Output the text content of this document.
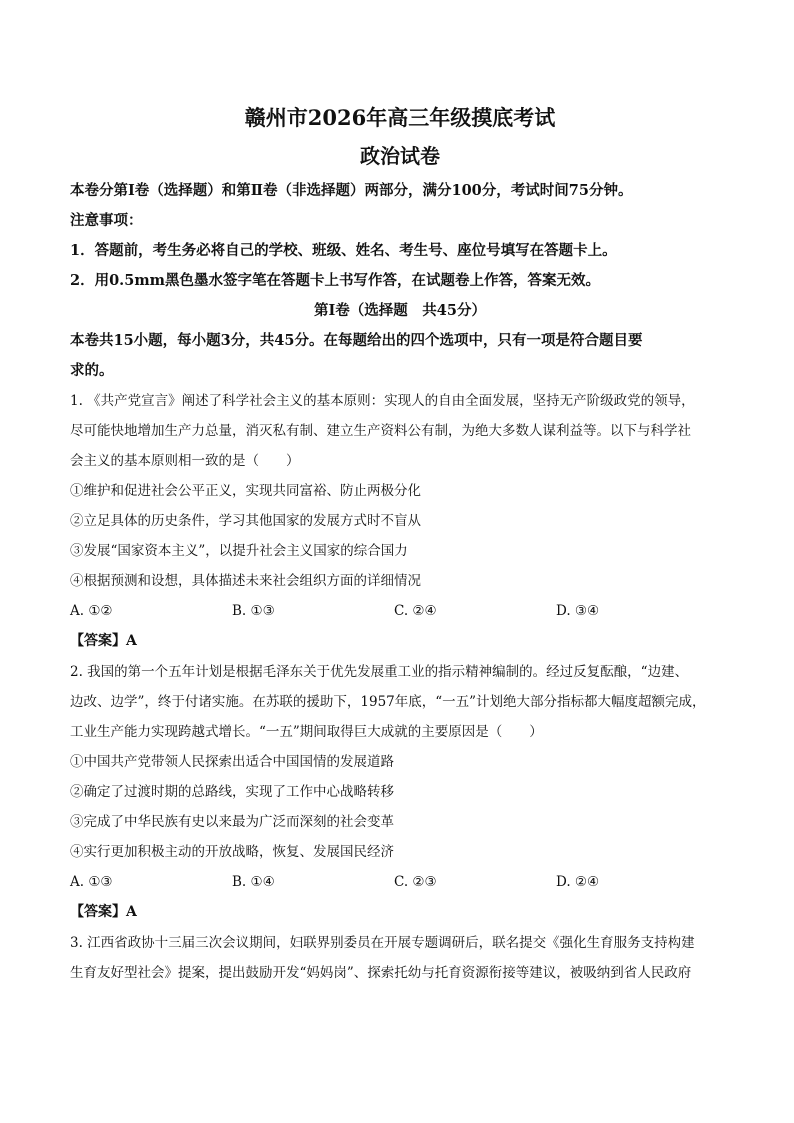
赣州市2026年高三年级摸底考试

政治试卷

本卷分第Ⅰ卷（选择题）和第Ⅱ卷（非选择题）两部分，满分100分，考试时间75分钟。

注意事项：

1．答题前，考生务必将自己的学校、班级、姓名、考生号、座位号填写在答题卡上。

2．用0.5mm黑色墨水签字笔在答题卡上书写作答，在试题卷上作答，答案无效。

第Ⅰ卷（选择题　共45分）

本卷共15小题，每小题3分，共45分。在每题给出的四个选项中，只有一项是符合题目要

求的。

1. 《共产党宣言》阐述了科学社会主义的基本原则：实现人的自由全面发展，坚持无产阶级政党的领导，

尽可能快地增加生产力总量，消灭私有制、建立生产资料公有制，为绝大多数人谋利益等。以下与科学社

会主义的基本原则相一致的是（　　）

①维护和促进社会公平正义，实现共同富裕、防止两极分化

②立足具体的历史条件，学习其他国家的发展方式时不盲从

③发展“国家资本主义”，以提升社会主义国家的综合国力

④根据预测和设想，具体描述未来社会组织方面的详细情况

A. ①②	B. ①③	C. ②④	D. ③④

【答案】A

2. 我国的第一个五年计划是根据毛泽东关于优先发展重工业的指示精神编制的。经过反复酝酿，“边建、

边改、边学”，终于付诸实施。在苏联的援助下，1957年底，“一五”计划绝大部分指标都大幅度超额完成，

工业生产能力实现跨越式增长。“一五”期间取得巨大成就的主要原因是（　　）

①中国共产党带领人民探索出适合中国国情的发展道路

②确定了过渡时期的总路线，实现了工作中心战略转移

③完成了中华民族有史以来最为广泛而深刻的社会变革

④实行更加积极主动的开放战略，恢复、发展国民经济

A. ①③	B. ①④	C. ②③	D. ②④

【答案】A

3. 江西省政协十三届三次会议期间，妇联界别委员在开展专题调研后，联名提交《强化生育服务支持构建

生育友好型社会》提案，提出鼓励开发“妈妈岗”、探索托幼与托育资源衔接等建议，被吸纳到省人民政府
